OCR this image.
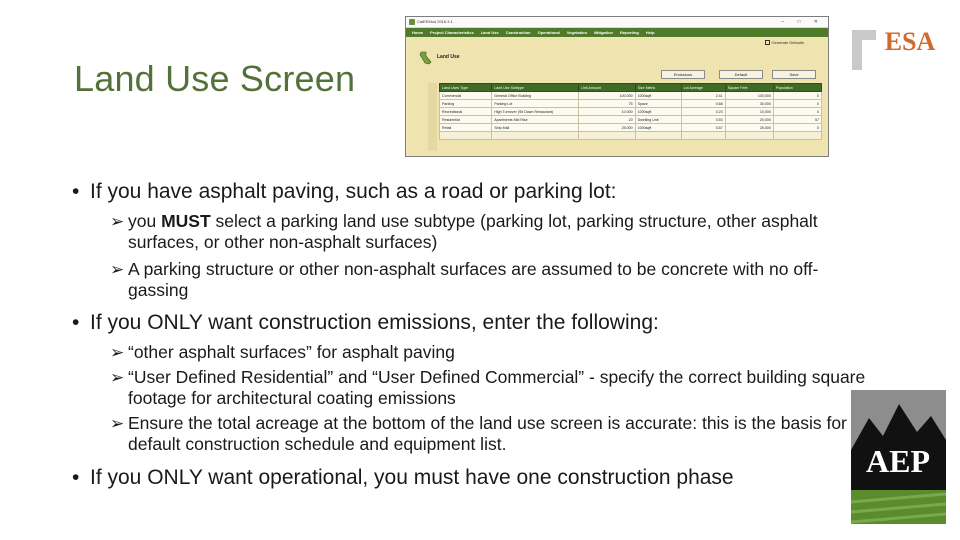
Land Use Screen
CalEEMod 2016.3.1	– □ ✕
Home Project Characteristics Land Use Construction Operational Vegetation Mitigation Reporting Help
Generate Defaults
Land Use
Emissions	Default	Save
Land Uses Type	Land Use Subtype	Unit Amount	Size Metric	Lot Acreage	Square Feet	Population
Commercial	General Office Building	100.000	1000sqft	2.41	100,000	0
Parking	Parking Lot	75	Space	0.68	30,000	0
Recreational	High Turnover (Sit Down Restaurant)	10.000	1000sqft	0.23	10,000	0
Residential	Apartments Mid Rise	20	Dwelling Unit	0.53	20,000	57
Retail	Strip Mall	25.000	1000sqft	0.57	25,000	0

ESA
AEP
• If you have asphalt paving, such as a road or parking lot:
➢ you MUST select a parking land use subtype (parking lot, parking structure, other asphalt surfaces, or other non-asphalt surfaces)
➢ A parking structure or other non-asphalt surfaces are assumed to be concrete with no off-gassing
• If you ONLY want construction emissions, enter the following:
➢ “other asphalt surfaces” for asphalt paving
➢ “User Defined Residential” and “User Defined Commercial” - specify the correct building square footage for architectural coating emissions
➢ Ensure the total acreage at the bottom of the land use screen is accurate: this is the basis for default construction schedule and equipment list.
• If you ONLY want operational, you must have one construction phase
